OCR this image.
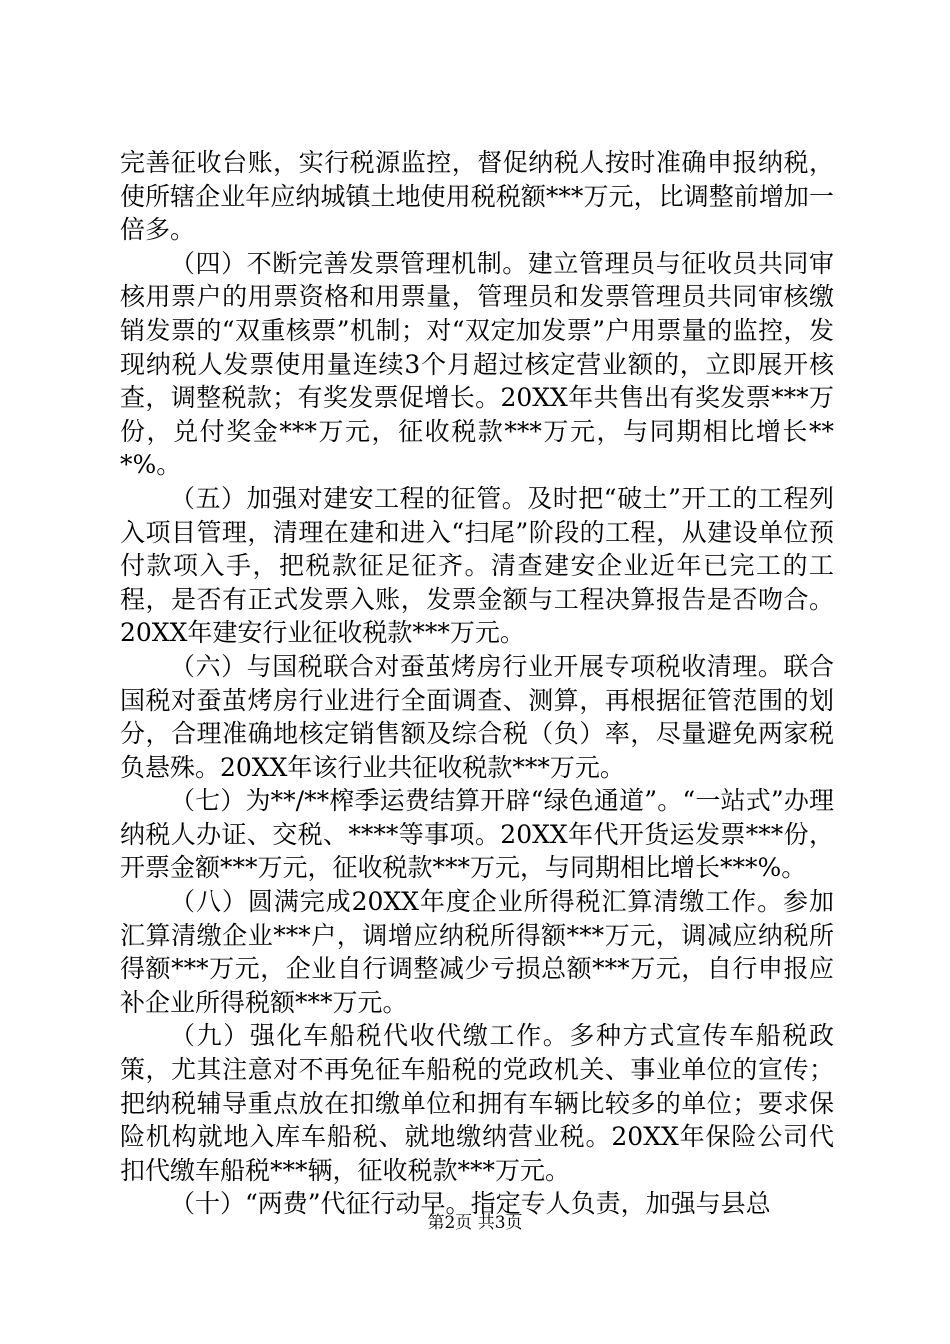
完善征收台账，实行税源监控，督促纳税人按时准确申报纳税，使所辖企业年应纳城镇土地使用税税额***万元，比调整前增加一倍多。

（四）不断完善发票管理机制。建立管理员与征收员共同审核用票户的用票资格和用票量，管理员和发票管理员共同审核缴销发票的“双重核票”机制；对“双定加发票”户用票量的监控，发现纳税人发票使用量连续3个月超过核定营业额的，立即展开核查，调整税款；有奖发票促增长。20XX年共售出有奖发票***万份，兑付奖金***万元，征收税款***万元，与同期相比增长***%。

（五）加强对建安工程的征管。及时把“破土”开工的工程列入项目管理，清理在建和进入“扫尾”阶段的工程，从建设单位预付款项入手，把税款征足征齐。清查建安企业近年已完工的工程，是否有正式发票入账，发票金额与工程决算报告是否吻合。20XX年建安行业征收税款***万元。

（六）与国税联合对蚕茧烤房行业开展专项税收清理。联合国税对蚕茧烤房行业进行全面调查、测算，再根据征管范围的划分，合理准确地核定销售额及综合税（负）率，尽量避免两家税负悬殊。20XX年该行业共征收税款***万元。

（七）为**/**榨季运费结算开辟“绿色通道”。“一站式”办理纳税人办证、交税、****等事项。20XX年代开货运发票***份，开票金额***万元，征收税款***万元，与同期相比增长***%。

（八）圆满完成20XX年度企业所得税汇算清缴工作。参加汇算清缴企业***户，调增应纳税所得额***万元，调减应纳税所得额***万元，企业自行调整减少亏损总额***万元，自行申报应补企业所得税额***万元。

（九）强化车船税代收代缴工作。多种方式宣传车船税政策，尤其注意对不再免征车船税的党政机关、事业单位的宣传；把纳税辅导重点放在扣缴单位和拥有车辆比较多的单位；要求保险机构就地入库车船税、就地缴纳营业税。20XX年保险公司代扣代缴车船税***辆，征收税款***万元。

（十）“两费”代征行动早。指定专人负责，加强与县总

第2页 共3页
